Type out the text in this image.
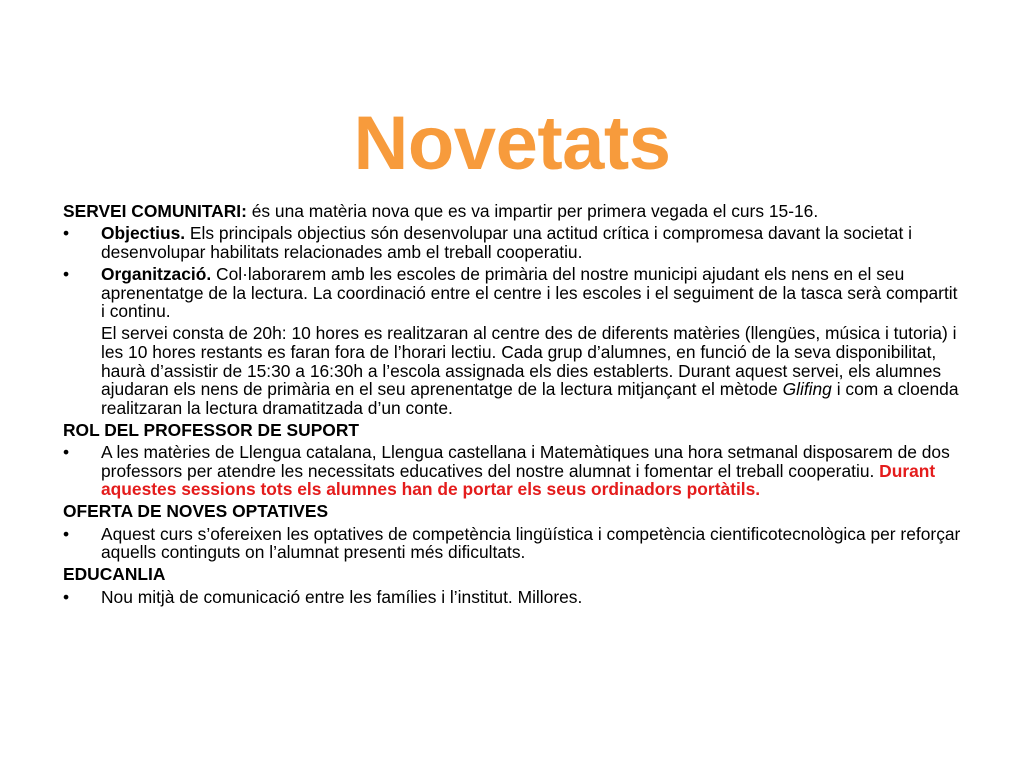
Novetats

SERVEI COMUNITARI: és una matèria nova que es va impartir per primera vegada el curs 15-16.

• Objectius. Els principals objectius són desenvolupar una actitud crítica i compromesa davant la societat i desenvolupar habilitats relacionades amb el treball cooperatiu.

• Organització. Col·laborarem amb les escoles de primària del nostre municipi ajudant els nens en el seu aprenentatge de la lectura. La coordinació entre el centre i les escoles i el seguiment de la tasca serà compartit i continu.

El servei consta de 20h: 10 hores es realitzaran al centre des de diferents matèries (llengües, música i tutoria) i les 10 hores restants es faran fora de l’horari lectiu. Cada grup d’alumnes, en funció de la seva disponibilitat, haurà d’assistir de 15:30 a 16:30h a l’escola assignada els dies establerts. Durant aquest servei, els alumnes ajudaran els nens de primària en el seu aprenentatge de la lectura mitjançant el mètode Glifing i com a cloenda realitzaran la lectura dramatitzada d’un conte.

ROL DEL PROFESSOR DE SUPORT

• A les matèries de Llengua catalana, Llengua castellana i Matemàtiques una hora setmanal disposarem de dos professors per atendre les necessitats educatives del nostre alumnat i fomentar el treball cooperatiu. Durant aquestes sessions tots els alumnes han de portar els seus ordinadors portàtils.

OFERTA DE NOVES OPTATIVES

• Aquest curs s’ofereixen les optatives de competència lingüística i competència cientificotecnològica per reforçar aquells continguts on l’alumnat presenti més dificultats.

EDUCANLIA

• Nou mitjà de comunicació entre les famílies i l’institut. Millores.
